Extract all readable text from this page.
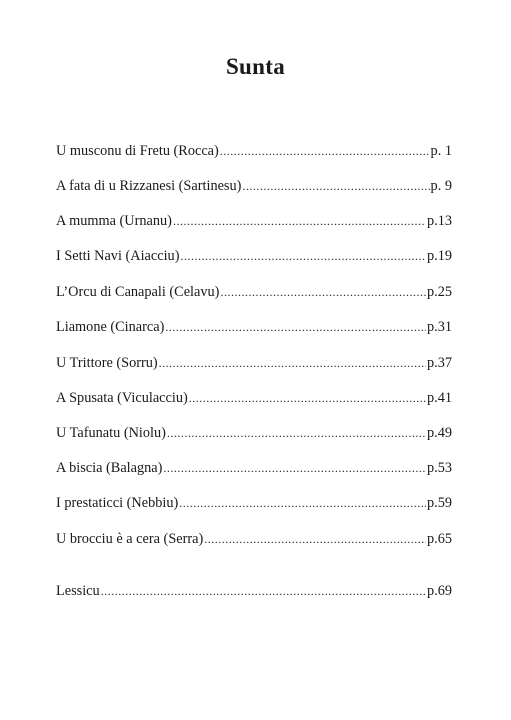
Sunta
U musconu di Fretu (Rocca) .....	p. 1
A fata di u Rizzanesi (Sartinesu) .....	p. 9
A mumma (Urnanu) .....	p.13
I Setti Navi (Aiacciu) .....	p.19
L’Orcu di Canapali (Celavu) .....	p.25
Liamone (Cinarca) .....	p.31
U Trittore (Sorru) .....	p.37
A Spusata (Viculacciu) .....	p.41
U Tafunatu (Niolu) .....	p.49
A biscia (Balagna) .....	p.53
I prestaticci (Nebbiu) .....	p.59
U brocciu è a cera (Serra) .....	p.65
Lessicu .....	p.69
